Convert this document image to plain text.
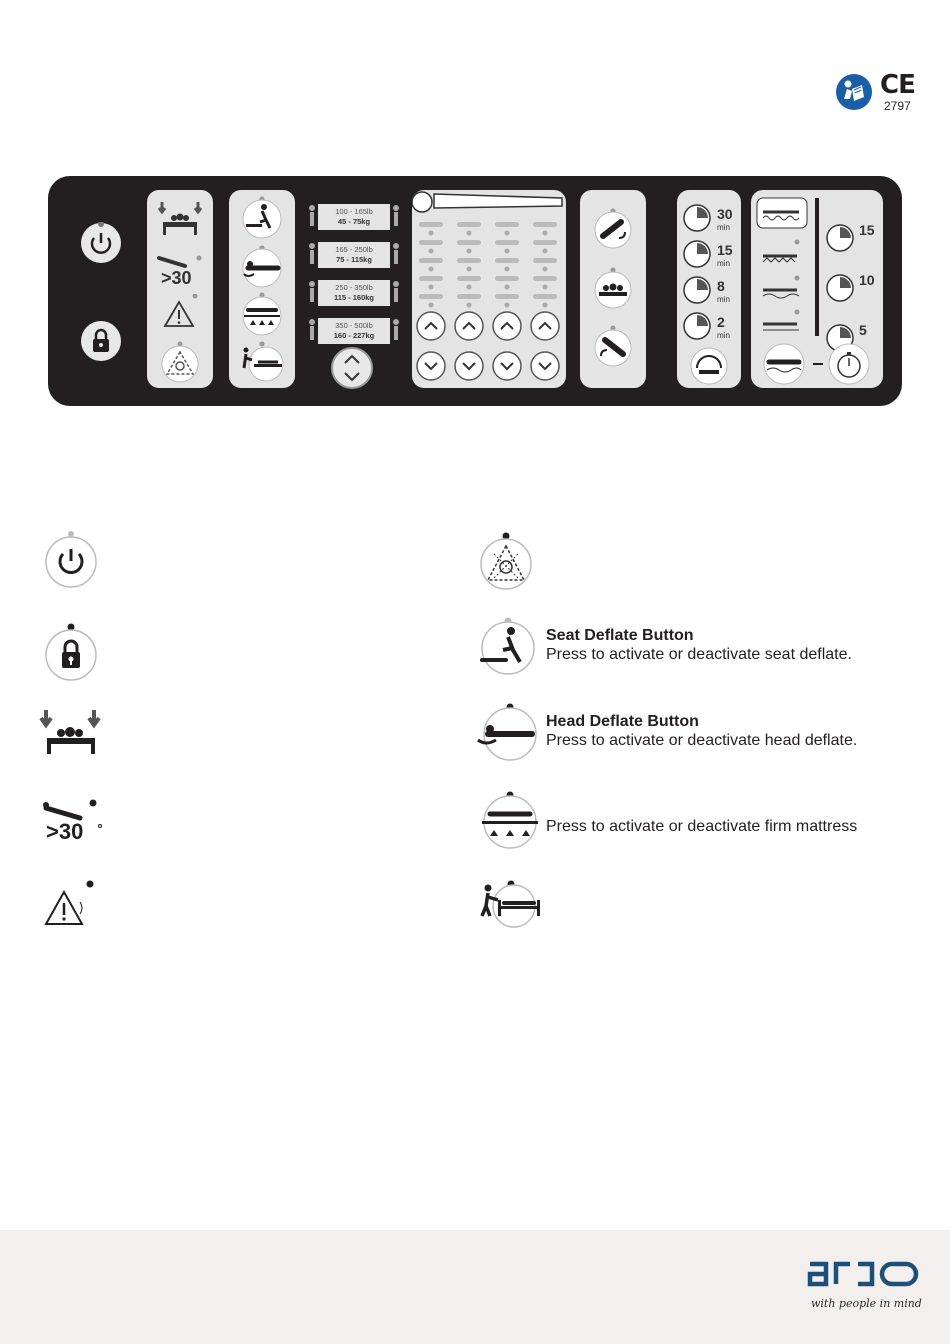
CE
2797
>30
100 - 165lb
45 - 75kg
165 - 250lb
75 - 115kg
250 - 350lb
115 - 160kg
350 - 500lb
160 - 227kg
30
min
15
min
8
min
2
min
15
10
5
>30
Seat Deflate Button
Press to activate or deactivate seat deflate.
Head Deflate Button
Press to activate or deactivate head deflate.
Press to activate or deactivate firm mattress
with people in mind
